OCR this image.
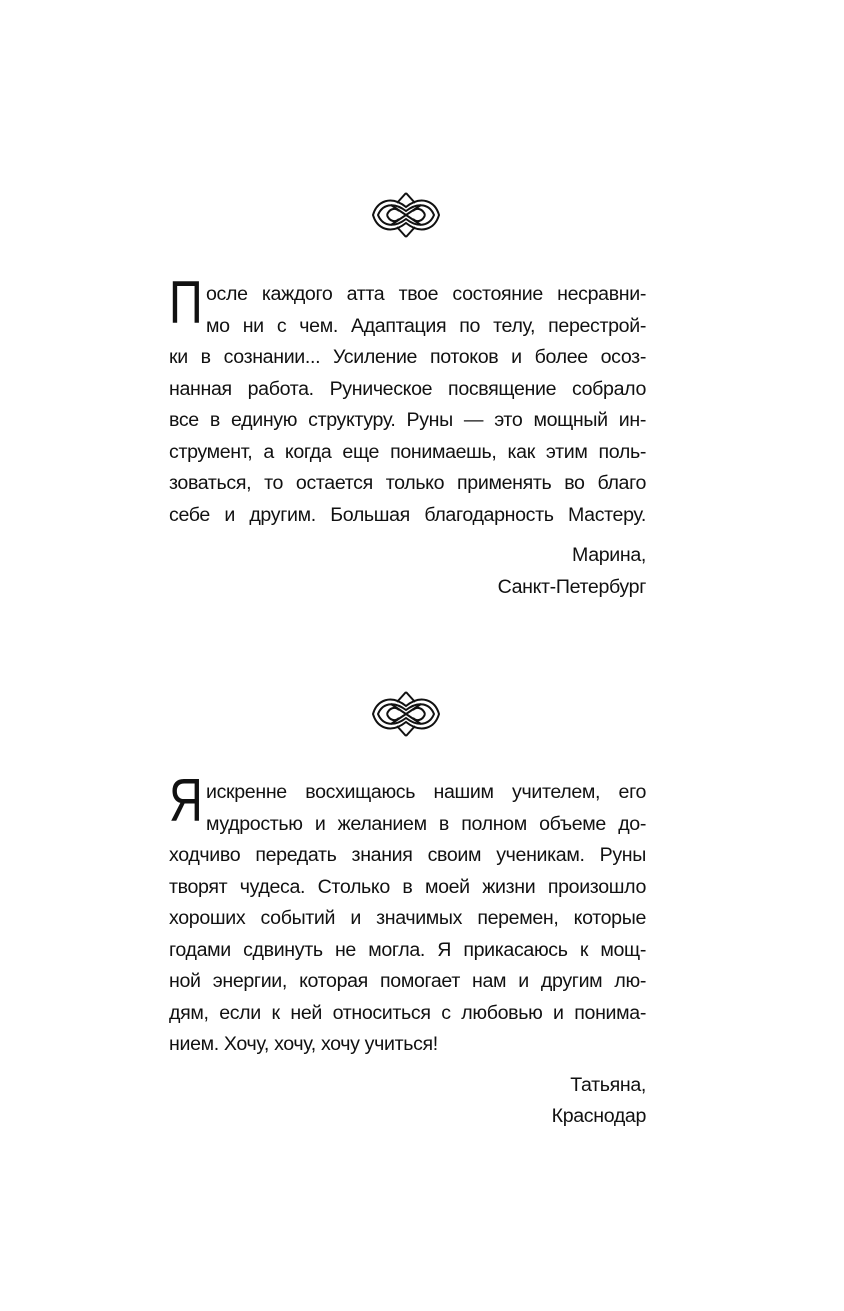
П осле каждого атта твое состояние несравни-
мо ни с чем. Адаптация по телу, перестрой-
ки в сознании... Усиление потоков и более осоз-
нанная работа. Руническое посвящение собрало
все в единую структуру. Руны — это мощный ин-
струмент, а когда еще понимаешь, как этим поль-
зоваться, то остается только применять во благо
себе и другим. Большая благодарность Мастеру.
Марина,
Санкт-Петербург
Я искренне восхищаюсь нашим учителем, его
мудростью и желанием в полном объеме до-
ходчиво передать знания своим ученикам. Руны
творят чудеса. Столько в моей жизни произошло
хороших событий и значимых перемен, которые
годами сдвинуть не могла. Я прикасаюсь к мощ-
ной энергии, которая помогает нам и другим лю-
дям, если к ней относиться с любовью и понима-
нием. Хочу, хочу, хочу учиться!
Татьяна,
Краснодар
